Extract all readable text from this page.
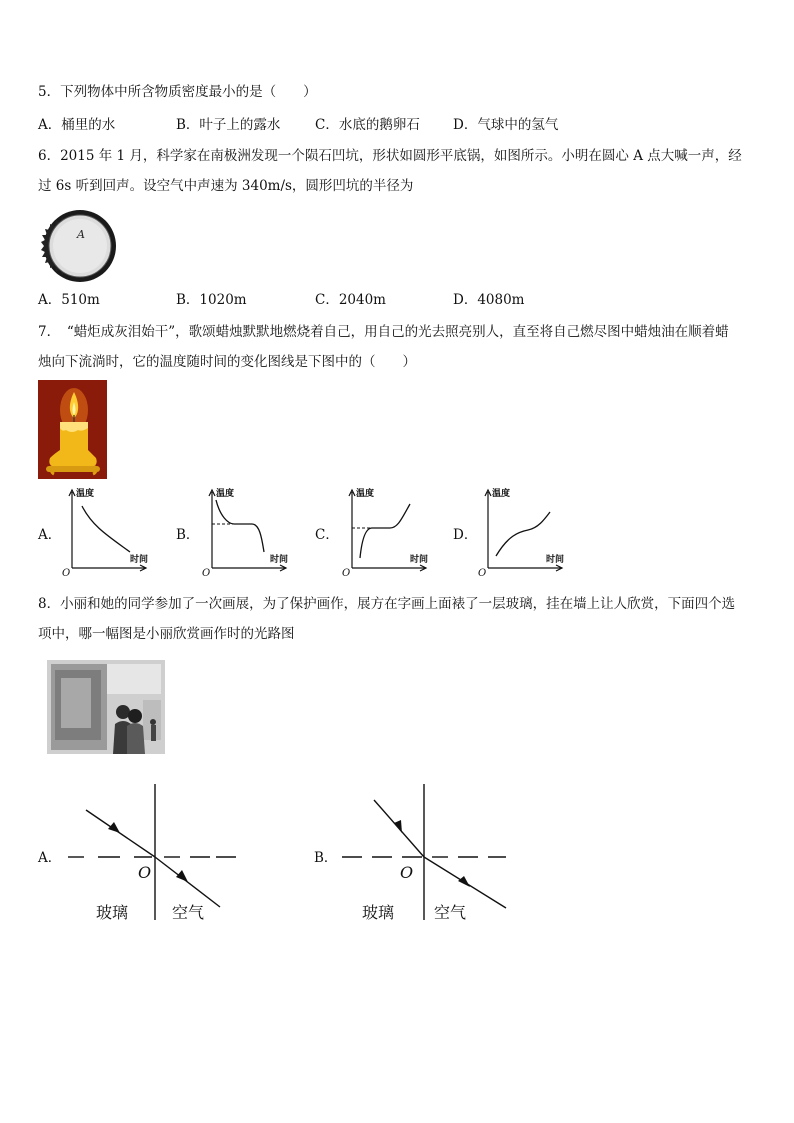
5．下列物体中所含物质密度最小的是（　　）
A．桶里的水	B．叶子上的露水	C．水底的鹅卵石 D．气球中的氢气
6．2015 年 1 月，科学家在南极洲发现一个陨石凹坑，形状如圆形平底锅，如图所示。小明在圆心 A 点大喊一声，经
过 6s 听到回声。设空气中声速为 340m/s，圆形凹坑的半径为
A
A．510m	B．1020m	C．2040m	D．4080m
7．　“蜡炬成灰泪始干”，歌颂蜡烛默默地燃烧着自己，用自己的光去照亮别人，直至将自己燃尽图中蜡烛油在顺着蜡
烛向下流淌时，它的温度随时间的变化图线是下图中的（　　）
A．
温度
时间
O
B．
温度
时间
O
C．
温度
时间
O
D．
温度
时间
O
8．小丽和她的同学参加了一次画展，为了保护画作，展方在字画上面裱了一层玻璃，挂在墙上让人欣赏，下面四个选
项中，哪一幅图是小丽欣赏画作时的光路图
A．
O
玻璃	空气
B．
O
玻璃 空气
